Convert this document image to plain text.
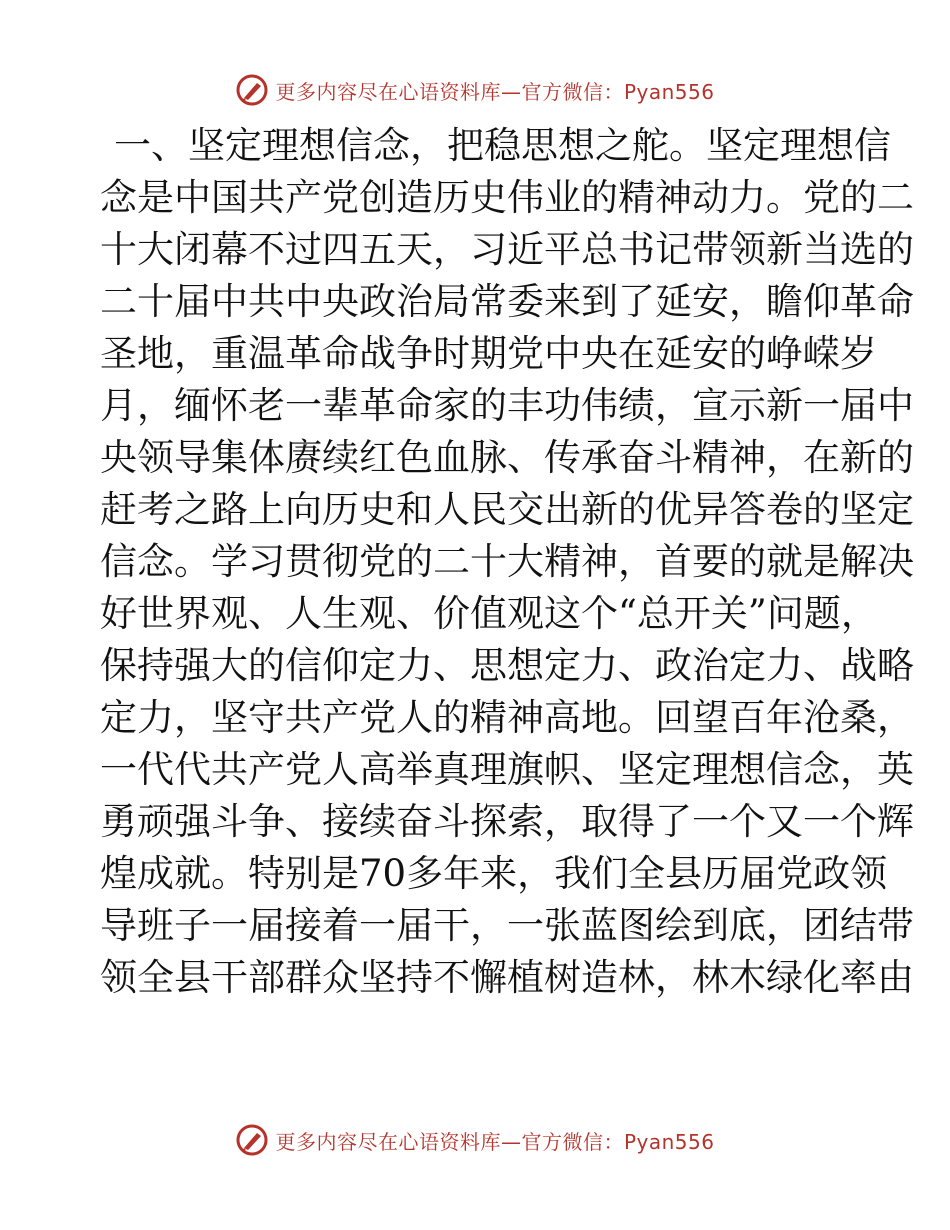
更多内容尽在心语资料库—官方微信：Pyan556
一 、 坚 定 理 想 信 念 ， 把 稳 思 想 之 舵 。 坚 定 理 想 信
念 是 中 国 共 产 党 创 造 历 史 伟 业 的 精 神 动 力 。 党 的 二
十 大 闭 幕 不 过 四 五 天 ， 习 近 平 总 书 记 带 领 新 当 选 的
二 十 届 中 共 中 央 政 治 局 常 委 来 到 了 延 安 ， 瞻 仰 革 命
圣 地 ， 重 温 革 命 战 争 时 期 党 中 央 在 延 安 的 峥 嵘 岁
月 ， 缅 怀 老 一 辈 革 命 家 的 丰 功 伟 绩 ， 宣 示 新 一 届 中
央 领 导 集 体 赓 续 红 色 血 脉 、 传 承 奋 斗 精 神 ， 在 新 的
赶 考 之 路 上 向 历 史 和 人 民 交 出 新 的 优 异 答 卷 的 坚 定
信 念 。 学 习 贯 彻 党 的 二 十 大 精 神 ， 首 要 的 就 是 解 决
好 世 界 观 、 人 生 观 、 价 值 观 这 个 “ 总 开 关 ” 问 题 ，
保 持 强 大 的 信 仰 定 力 、 思 想 定 力 、 政 治 定 力 、 战 略
定 力 ， 坚 守 共 产 党 人 的 精 神 高 地 。 回 望 百 年 沧 桑 ，
一 代 代 共 产 党 人 高 举 真 理 旗 帜 、 坚 定 理 想 信 念 ， 英
勇 顽 强 斗 争 、 接 续 奋 斗 探 索 ， 取 得 了 一 个 又 一 个 辉
煌 成 就 。 特 别 是 7 0 多 年 来 ， 我 们 全 县 历 届 党 政 领
导 班 子 一 届 接 着 一 届 干 ， 一 张 蓝 图 绘 到 底 ， 团 结 带
领 全 县 干 部 群 众 坚 持 不 懈 植 树 造 林 ， 林 木 绿 化 率 由
更多内容尽在心语资料库—官方微信：Pyan556
